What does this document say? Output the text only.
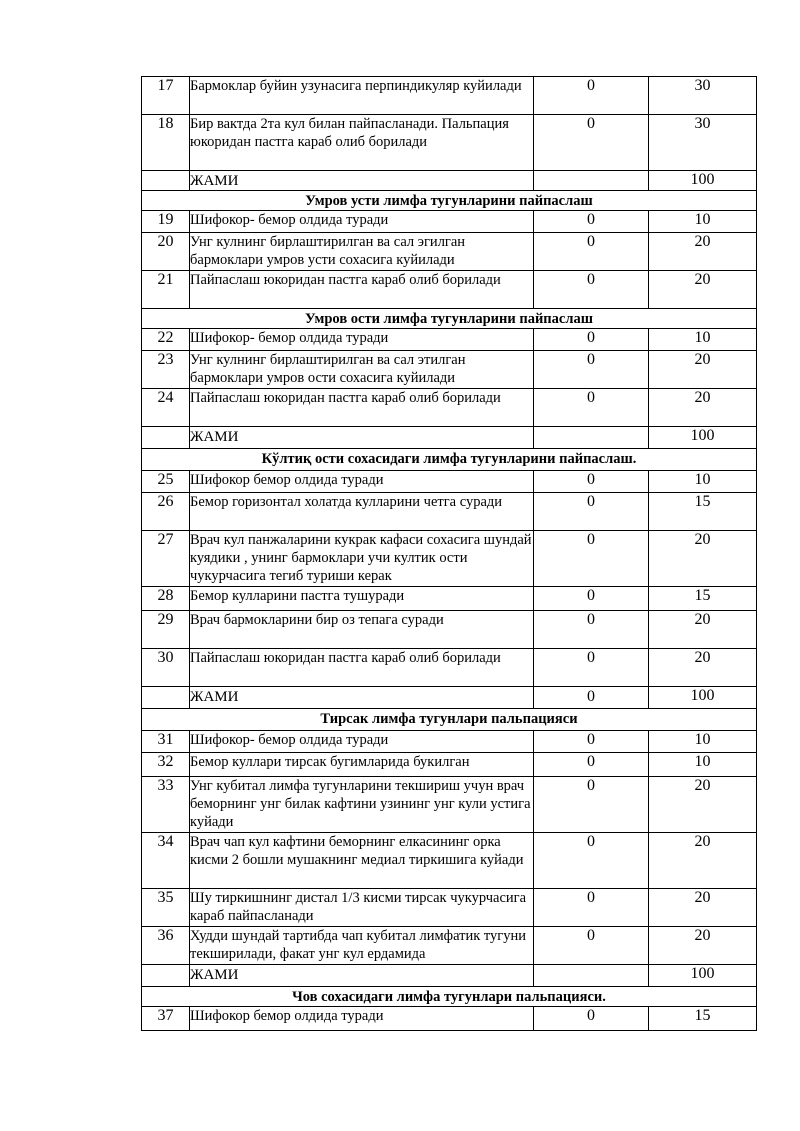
17	Бармоклар буйин узунасига перпиндикуляр куйилади	0	30
18	Бир вактда 2та кул билан пайпасланади. Пальпация юкоридан пастга караб олиб борилади	0	30
	ЖАМИ		100
Умров усти лимфа тугунларини пайпаслаш			
19	Шифокор- бемор олдида туради	0	10
20	Унг кулнинг бирлаштирилган ва сал эгилган бармоклари умров усти сохасига куйилади	0	20
21	Пайпаслаш юкоридан пастга караб олиб борилади	0	20
Умров ости лимфа тугунларини пайпаслаш			
22	Шифокор- бемор олдида туради	0	10
23	Унг кулнинг бирлаштирилган ва сал этилган бармоклари умров ости сохасига куйилади	0	20
24	Пайпаслаш юкоридан пастга караб олиб борилади	0	20
	ЖАМИ		100
Кўлтиқ ости сохасидаги лимфа тугунларини пайпаслаш.			
25	Шифокор бемор олдида туради	0	10
26	Бемор горизонтал холатда кулларини четга суради	0	15
27	Врач кул панжаларини кукрак кафаси сохасига шундай куядики , унинг бармоклари учи култик ости чукурчасига тегиб туриши керак	0	20
28	Бемор кулларини пастга тушуради	0	15
29	Врач бармокларини бир оз тепага суради	0	20
30	Пайпаслаш юкоридан пастга караб олиб борилади	0	20
	ЖАМИ	0	100
Тирсак лимфа тугунлари пальпацияси			
31	Шифокор- бемор олдида туради	0	10
32	Бемор куллари тирсак бугимларида букилган	0	10
33	Унг кубитал лимфа тугунларини текшириш учун врач беморнинг унг билак кафтини узининг унг кули устига куйади	0	20
34	Врач чап кул кафтини беморнинг елкасининг орка кисми 2 бошли мушакнинг медиал тиркишига куйади	0	20
35	Шу тиркишнинг дистал 1/3 кисми тирсак чукурчасига караб пайпасланади	0	20
36	Худди шундай тартибда чап кубитал лимфатик тугуни текширилади, факат унг кул ердамида	0	20
	ЖАМИ		100
Чов сохасидаги лимфа тугунлари пальпацияси.			
37	Шифокор бемор олдида туради	0	15
